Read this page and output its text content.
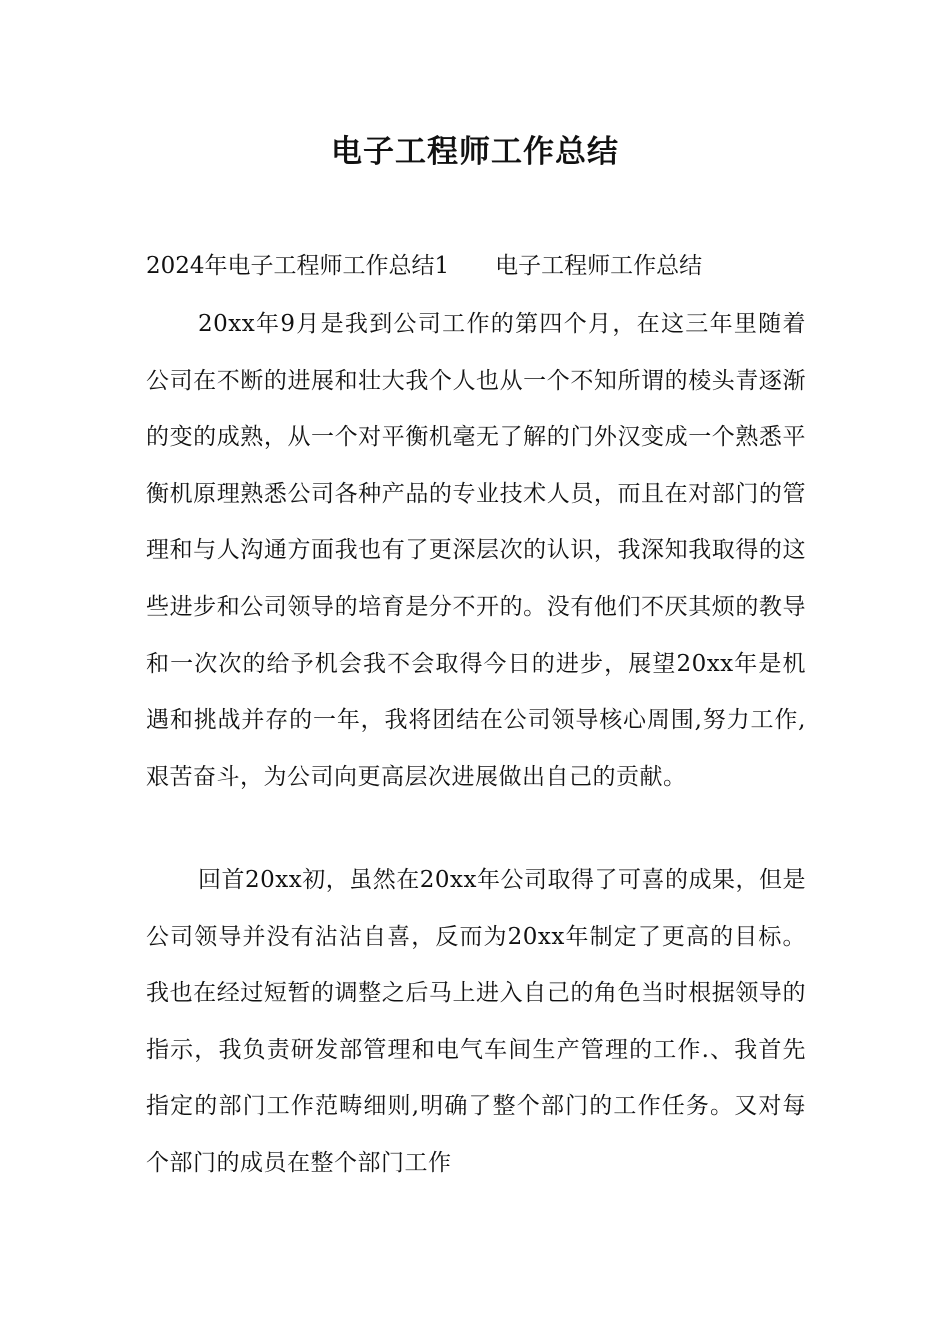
电子工程师工作总结
2024年电子工程师工作总结1 电子工程师工作总结

20xx年9月是我到公司工作的第四个月，在这三年里随着公司在不断的进展和壮大我个人也从一个不知所谓的棱头青逐渐的变的成熟，从一个对平衡机毫无了解的门外汉变成一个熟悉平衡机原理熟悉公司各种产品的专业技术人员，而且在对部门的管理和与人沟通方面我也有了更深层次的认识，我深知我取得的这些进步和公司领导的培育是分不开的。没有他们不厌其烦的教导和一次次的给予机会我不会取得今日的进步，展望20xx年是机遇和挑战并存的一年，我将团结在公司领导核心周围,努力工作,艰苦奋斗，为公司向更高层次进展做出自己的贡献。

回首20xx初，虽然在20xx年公司取得了可喜的成果，但是公司领导并没有沾沾自喜，反而为20xx年制定了更高的目标。我也在经过短暂的调整之后马上进入自己的角色当时根据领导的指示，我负责研发部管理和电气车间生产管理的工作.、我首先指定的部门工作范畴细则,明确了整个部门的工作任务。又对每个部门的成员在整个部门工作
